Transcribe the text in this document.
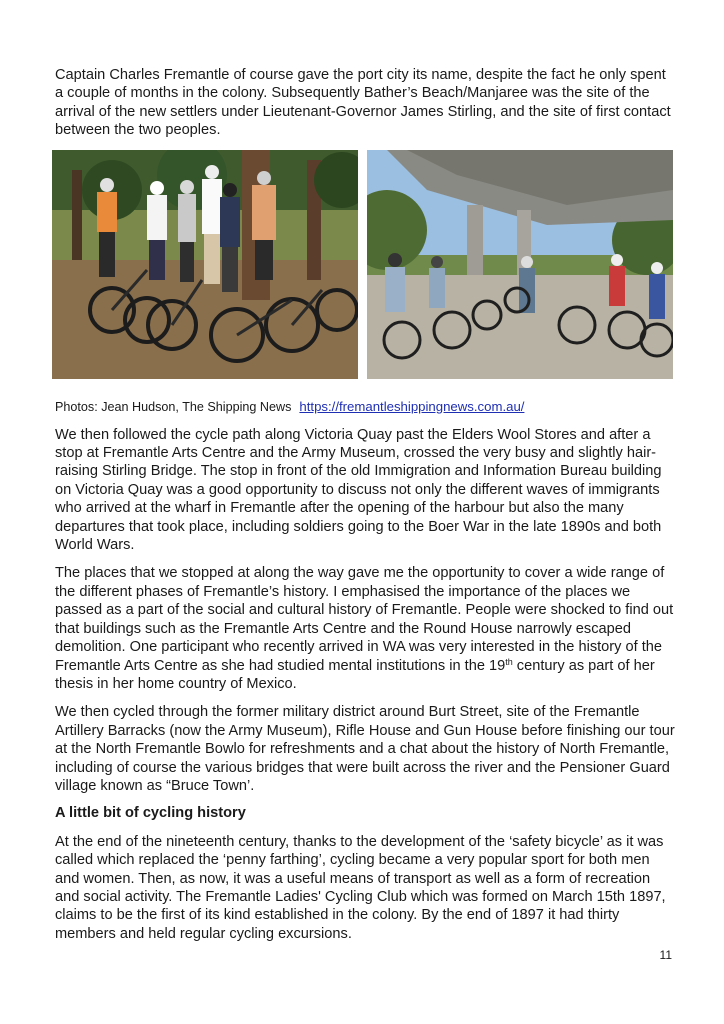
Captain Charles Fremantle of course gave the port city its name, despite the fact he only spent a couple of months in the colony. Subsequently Bather’s Beach/Manjaree was the site of the arrival of the new settlers under Lieutenant-Governor James Stirling, and the site of first contact between the two peoples.

Photos: Jean Hudson, The Shipping News https://fremantleshippingnews.com.au/

We then followed the cycle path along Victoria Quay past the Elders Wool Stores and after a stop at Fremantle Arts Centre and the Army Museum, crossed the very busy and slightly hair-raising Stirling Bridge. The stop in front of the old Immigration and Information Bureau building on Victoria Quay was a good opportunity to discuss not only the different waves of immigrants who arrived at the wharf in Fremantle after the opening of the harbour but also the many departures that took place, including soldiers going to the Boer War in the late 1890s and both World Wars.

The places that we stopped at along the way gave me the opportunity to cover a wide range of the different phases of Fremantle’s history. I emphasised the importance of the places we passed as a part of the social and cultural history of Fremantle. People were shocked to find out that buildings such as the Fremantle Arts Centre and the Round House narrowly escaped demolition. One participant who recently arrived in WA was very interested in the history of the Fremantle Arts Centre as she had studied mental institutions in the 19th century as part of her thesis in her home country of Mexico.

We then cycled through the former military district around Burt Street, site of the Fremantle Artillery Barracks (now the Army Museum), Rifle House and Gun House before finishing our tour at the North Fremantle Bowlo for refreshments and a chat about the history of North Fremantle, including of course the various bridges that were built across the river and the Pensioner Guard village known as “Bruce Town’.

A little bit of cycling history

At the end of the nineteenth century, thanks to the development of the ‘safety bicycle’ as it was called which replaced the ‘penny farthing’, cycling became a very popular sport for both men and women. Then, as now, it was a useful means of transport as well as a form of recreation and social activity. The Fremantle Ladies' Cycling Club which was formed on March 15th 1897, claims to be the first of its kind established in the colony. By the end of 1897 it had thirty members and held regular cycling excursions.

11
